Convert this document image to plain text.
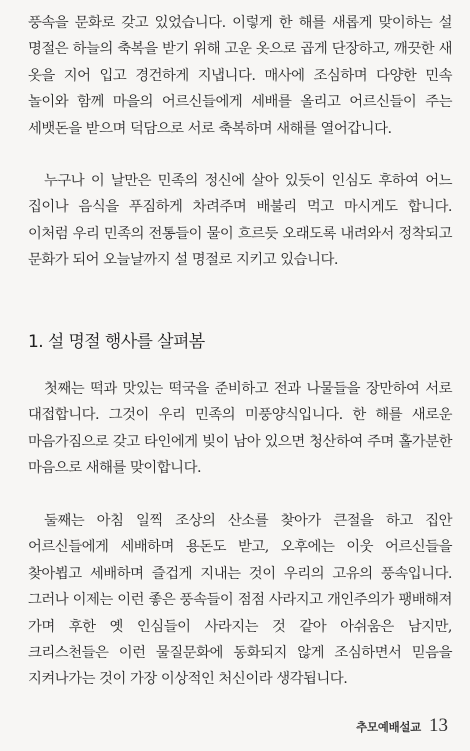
풍속을 문화로 갖고 있었습니다. 이렇게 한 해를 새롭게 맞이하는 설 명절은 하늘의 축복을 받기 위해 고운 옷으로 곱게 단장하고, 깨끗한 새 옷을 지어 입고 경건하게 지냅니다. 매사에 조심하며 다양한 민속 놀이와 함께 마을의 어르신들에게 세배를 올리고 어르신들이 주는 세뱃돈을 받으며 덕담으로 서로 축복하며 새해를 열어갑니다.

누구나 이 날만은 민족의 정신에 살아 있듯이 인심도 후하여 어느 집이나 음식을 푸짐하게 차려주며 배불리 먹고 마시게도 합니다. 이처럼 우리 민족의 전통들이 물이 흐르듯 오래도록 내려와서 정착되고 문화가 되어 오늘날까지 설 명절로 지키고 있습니다.

1. 설 명절 행사를 살펴봄

첫째는 떡과 맛있는 떡국을 준비하고 전과 나물들을 장만하여 서로 대접합니다. 그것이 우리 민족의 미풍양식입니다. 한 해를 새로운 마음가짐으로 갖고 타인에게 빚이 남아 있으면 청산하여 주며 홀가분한 마음으로 새해를 맞이합니다.

둘째는 아침 일찍 조상의 산소를 찾아가 큰절을 하고 집안 어르신들에게 세배하며 용돈도 받고, 오후에는 이웃 어르신들을 찾아뵙고 세배하며 즐겁게 지내는 것이 우리의 고유의 풍속입니다. 그러나 이제는 이런 좋은 풍속들이 점점 사라지고 개인주의가 팽배해져 가며 후한 옛 인심들이 사라지는 것 같아 아쉬움은 남지만, 크리스천들은 이런 물질문화에 동화되지 않게 조심하면서 믿음을 지켜나가는 것이 가장 이상적인 처신이라 생각됩니다.

추모예배설교 13
